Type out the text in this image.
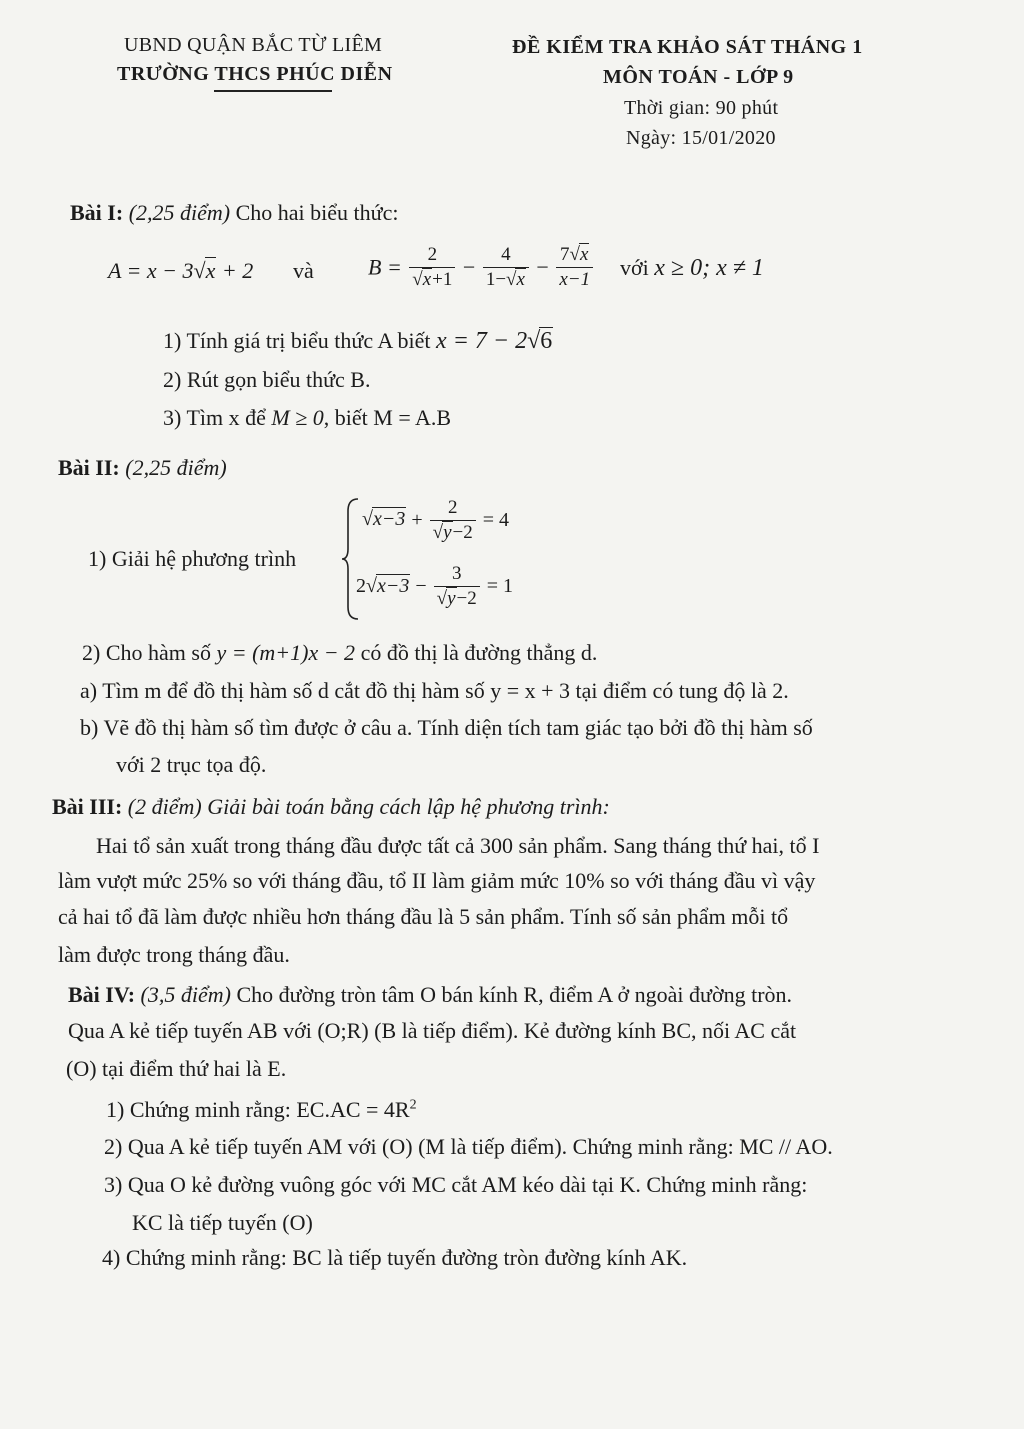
UBND QUẬN BẮC TỪ LIÊM
TRƯỜNG THCS PHÚC DIỄN
ĐỀ KIỂM TRA KHẢO SÁT THÁNG 1
MÔN TOÁN - LỚP 9
Thời gian: 90 phút
Ngày: 15/01/2020
Bài I: (2,25 điểm) Cho hai biểu thức:
A = x − 3√x + 2 và $B = \frac{2}{√x+1} - \frac{4}{1-√x} - \frac{7√x}{x-1}$ với x ≥ 0; x ≠ 1
1) Tính giá trị biểu thức A biết x = 7 − 2√6
2) Rút gọn biểu thức B.
3) Tìm x để M ≥ 0, biết M = A.B
Bài II: (2,25 điểm)
1) Giải hệ phương trình
$√x-3 + \frac{2}{√y-2} = 4$
$2√x-3 - \frac{3}{√y-2} = 1$
2) Cho hàm số y = (m+1)x − 2 có đồ thị là đường thẳng d.
a) Tìm m để đồ thị hàm số d cắt đồ thị hàm số y = x + 3 tại điểm có tung độ là 2.
b) Vẽ đồ thị hàm số tìm được ở câu a. Tính diện tích tam giác tạo bởi đồ thị hàm số
với 2 trục tọa độ.
Bài III: (2 điểm) Giải bài toán bằng cách lập hệ phương trình:
Hai tổ sản xuất trong tháng đầu được tất cả 300 sản phẩm. Sang tháng thứ hai, tổ I
làm vượt mức 25% so với tháng đầu, tổ II làm giảm mức 10% so với tháng đầu vì vậy
cả hai tổ đã làm được nhiều hơn tháng đầu là 5 sản phẩm. Tính số sản phẩm mỗi tổ
làm được trong tháng đầu.
Bài IV: (3,5 điểm) Cho đường tròn tâm O bán kính R, điểm A ở ngoài đường tròn.
Qua A kẻ tiếp tuyến AB với (O;R) (B là tiếp điểm). Kẻ đường kính BC, nối AC cắt
(O) tại điểm thứ hai là E.
1) Chứng minh rằng: $EC.AC = 4R^2$
2) Qua A kẻ tiếp tuyến AM với (O) (M là tiếp điểm). Chứng minh rằng: MC // AO.
3) Qua O kẻ đường vuông góc với MC cắt AM kéo dài tại K. Chứng minh rằng:
KC là tiếp tuyến (O)
4) Chứng minh rằng: BC là tiếp tuyến đường tròn đường kính AK.
